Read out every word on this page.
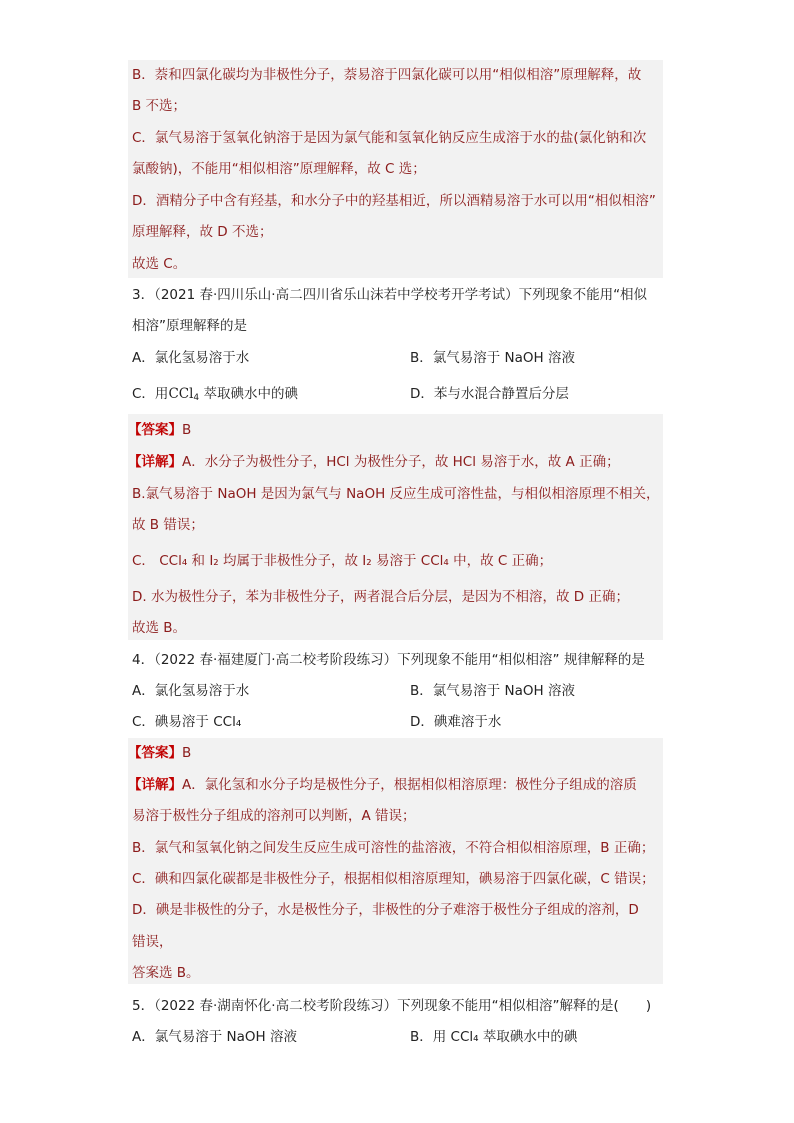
B．萘和四氯化碳均为非极性分子，萘易溶于四氯化碳可以用“相似相溶”原理解释，故
B 不选；
C．氯气易溶于氢氧化钠溶于是因为氯气能和氢氧化钠反应生成溶于水的盐(氯化钠和次
氯酸钠)，不能用“相似相溶”原理解释，故 C 选；
D．酒精分子中含有羟基，和水分子中的羟基相近，所以酒精易溶于水可以用“相似相溶”
原理解释，故 D 不选；
故选 C。
3．（2021 春·四川乐山·高二四川省乐山沫若中学校考开学考试）下列现象不能用“相似
相溶”原理解释的是
A．氯化氢易溶于水	B．氯气易溶于 NaOH 溶液
C．用CCl$_4$ 萃取碘水中的碘	D．苯与水混合静置后分层
【答案】B
【详解】A．水分子为极性分子，HCl 为极性分子，故 HCl 易溶于水，故 A 正确；
B.氯气易溶于 NaOH 是因为氯气与 NaOH 反应生成可溶性盐，与相似相溶原理不相关，
故 B 错误；
C． CCl₄ 和 I₂ 均属于非极性分子，故 I₂ 易溶于 CCl₄ 中，故 C 正确；
D. 水为极性分子，苯为非极性分子，两者混合后分层，是因为不相溶，故 D 正确；
故选 B。
4．（2022 春·福建厦门·高二校考阶段练习）下列现象不能用“相似相溶” 规律解释的是
A．氯化氢易溶于水	B．氯气易溶于 NaOH 溶液
C．碘易溶于 CCl₄	D．碘难溶于水
【答案】B
【详解】A．氯化氢和水分子均是极性分子，根据相似相溶原理：极性分子组成的溶质
易溶于极性分子组成的溶剂可以判断，A 错误；
B．氯气和氢氧化钠之间发生反应生成可溶性的盐溶液，不符合相似相溶原理，B 正确；
C．碘和四氯化碳都是非极性分子，根据相似相溶原理知，碘易溶于四氯化碳，C 错误；
D．碘是非极性的分子，水是极性分子，非极性的分子难溶于极性分子组成的溶剂，D
错误，
答案选 B。
5．（2022 春·湖南怀化·高二校考阶段练习）下列现象不能用“相似相溶”解释的是(　　)
A．氯气易溶于 NaOH 溶液	B．用 CCl₄ 萃取碘水中的碘
